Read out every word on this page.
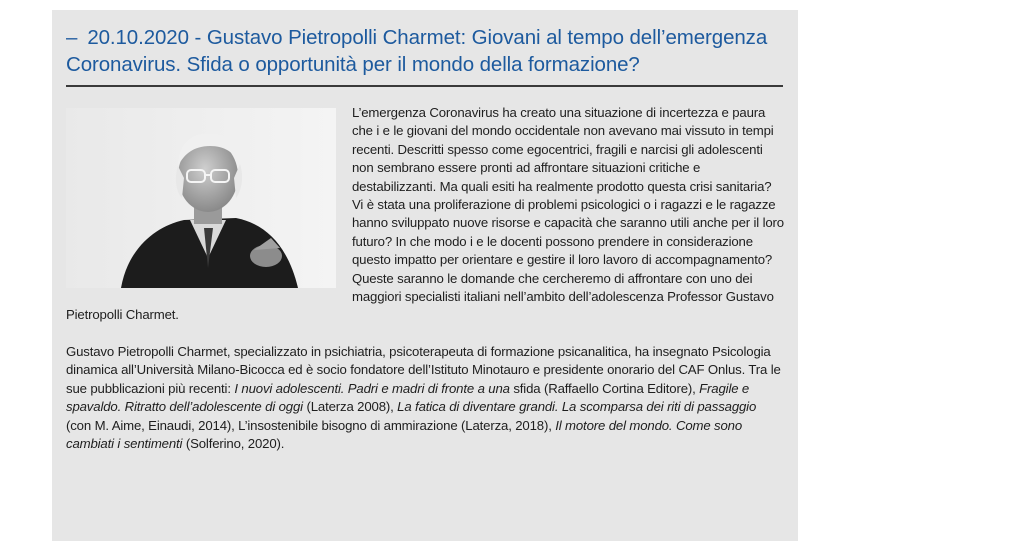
– 20.10.2020 - Gustavo Pietropolli Charmet: Giovani al tempo dell’emergenza Coronavirus. Sfida o opportunità per il mondo della formazione?

L’emergenza Coronavirus ha creato una situazione di incertezza e paura che i e le giovani del mondo occidentale non avevano mai vissuto in tempi recenti. Descritti spesso come egocentrici, fragili e narcisi gli adolescenti non sembrano essere pronti ad affrontare situazioni critiche e destabilizzanti. Ma quali esiti ha realmente prodotto questa crisi sanitaria? Vi è stata una proliferazione di problemi psicologici o i ragazzi e le ragazze hanno sviluppato nuove risorse e capacità che saranno utili anche per il loro futuro? In che modo i e le docenti possono prendere in considerazione questo impatto per orientare e gestire il loro lavoro di accompagnamento? Queste saranno le domande che cercheremo di affrontare con uno dei maggiori specialisti italiani nell’ambito dell’adolescenza Professor Gustavo Pietropolli Charmet.

Gustavo Pietropolli Charmet, specializzato in psichiatria, psicoterapeuta di formazione psicanalitica, ha insegnato Psicologia dinamica all’Università Milano-Bicocca ed è socio fondatore dell’Istituto Minotauro e presidente onorario del CAF Onlus. Tra le sue pubblicazioni più recenti: I nuovi adolescenti. Padri e madri di fronte a una sfida (Raffaello Cortina Editore), Fragile e spavaldo. Ritratto dell’adolescente di oggi (Laterza 2008), La fatica di diventare grandi. La scomparsa dei riti di passaggio (con M. Aime, Einaudi, 2014), L’insostenibile bisogno di ammirazione (Laterza, 2018), Il motore del mondo. Come sono cambiati i sentimenti (Solferino, 2020).
